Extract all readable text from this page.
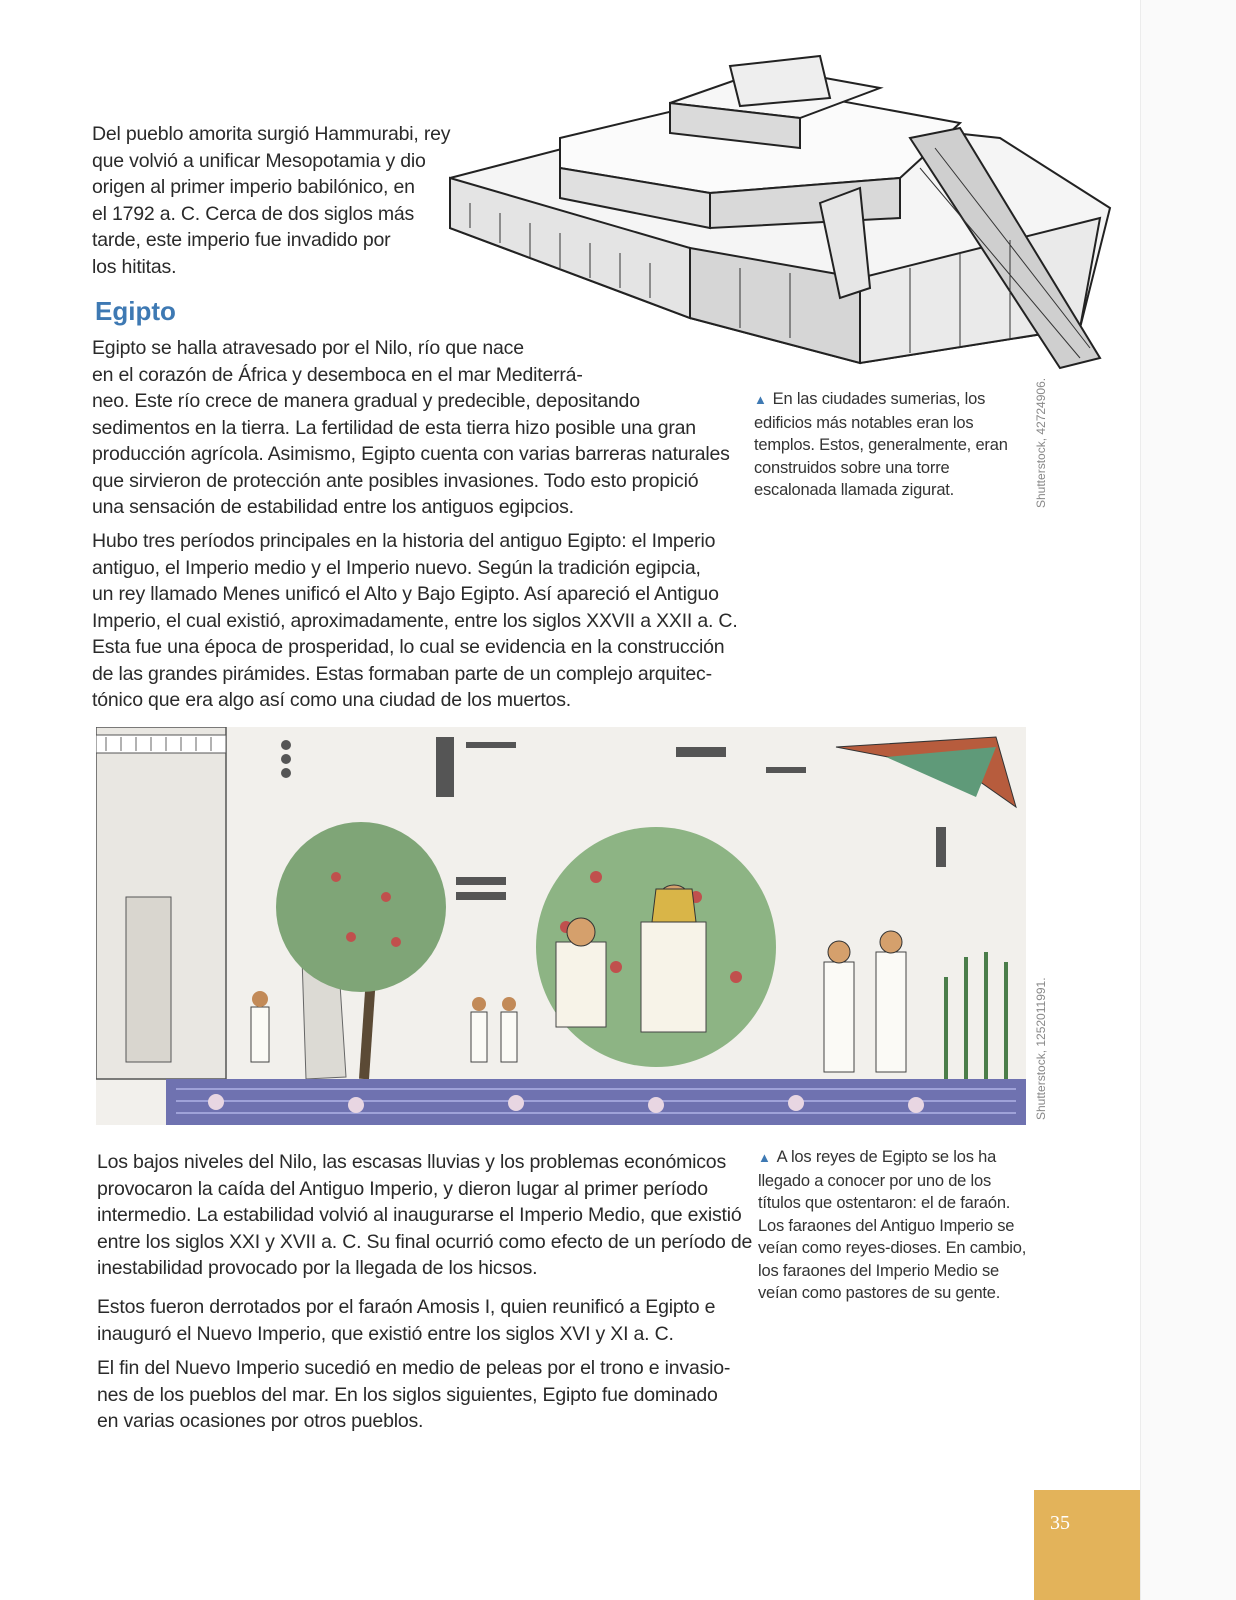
Del pueblo amorita surgió Hammurabi, rey
que volvió a unificar Mesopotamia y dio
origen al primer imperio babilónico, en
el 1792 a. C. Cerca de dos siglos más
tarde, este imperio fue invadido por
los hititas.

Egipto

Egipto se halla atravesado por el Nilo, río que nace
en el corazón de África y desemboca en el mar Mediterrá-
neo. Este río crece de manera gradual y predecible, depositando
sedimentos en la tierra. La fertilidad de esta tierra hizo posible una gran
producción agrícola. Asimismo, Egipto cuenta con varias barreras naturales
que sirvieron de protección ante posibles invasiones. Todo esto propició
una sensación de estabilidad entre los antiguos egipcios.

Hubo tres períodos principales en la historia del antiguo Egipto: el Imperio
antiguo, el Imperio medio y el Imperio nuevo. Según la tradición egipcia,
un rey llamado Menes unificó el Alto y Bajo Egipto. Así apareció el Antiguo
Imperio, el cual existió, aproximadamente, entre los siglos XXVII a XXII a. C.
Esta fue una época de prosperidad, lo cual se evidencia en la construcción
de las grandes pirámides. Estas formaban parte de un complejo arquitec-
tónico que era algo así como una ciudad de los muertos.

▲ En las ciudades sumerias, los
edificios más notables eran los
templos. Estos, generalmente, eran
construidos sobre una torre
escalonada llamada zigurat.	Shutterstock, 42724906.
Shutterstock, 1252011991.

Los bajos niveles del Nilo, las escasas lluvias y los problemas económicos
provocaron la caída del Antiguo Imperio, y dieron lugar al primer período
intermedio. La estabilidad volvió al inaugurarse el Imperio Medio, que existió
entre los siglos XXI y XVII a. C. Su final ocurrió como efecto de un período de
inestabilidad provocado por la llegada de los hicsos.

Estos fueron derrotados por el faraón Amosis I, quien reunificó a Egipto e
inauguró el Nuevo Imperio, que existió entre los siglos XVI y XI a. C.

El fin del Nuevo Imperio sucedió en medio de peleas por el trono e invasio-
nes de los pueblos del mar. En los siglos siguientes, Egipto fue dominado
en varias ocasiones por otros pueblos.

▲ A los reyes de Egipto se los ha
llegado a conocer por uno de los
títulos que ostentaron: el de faraón.
Los faraones del Antiguo Imperio se
veían como reyes-dioses. En cambio,
los faraones del Imperio Medio se
veían como pastores de su gente.

35
